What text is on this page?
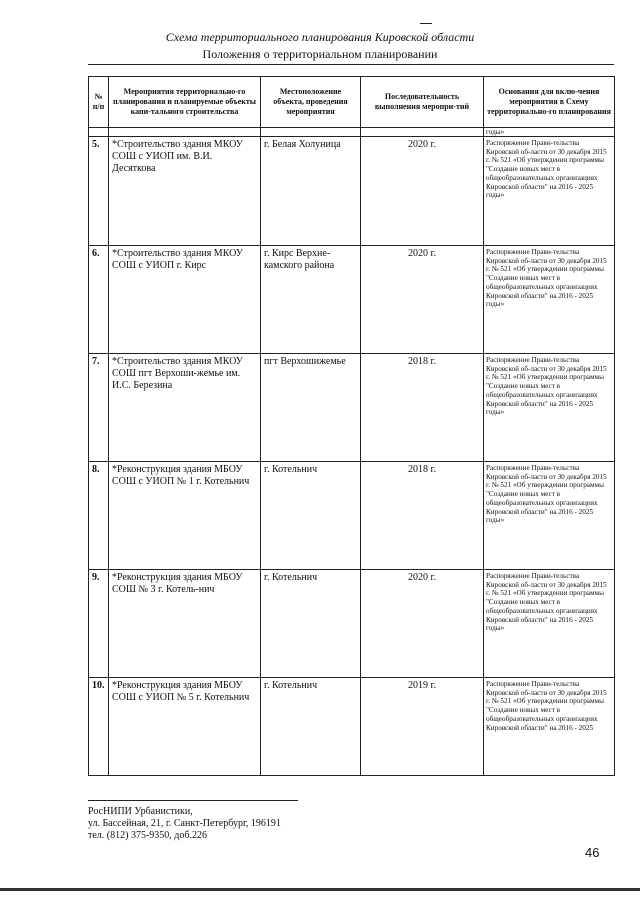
Схема территориального планирования Кировской области
Положения о территориальном планировании
№ п/п	Мероприятия территориально-го планирования и планируемые объекты капи-тального строительства	Местоположение объекта, проведения мероприятия	Последовательность выполнения меропри-тий	Основания для вклю-чения мероприятия в Схему территориально-го планирования
				годы»
5.	*Строительство здания МКОУ СОШ с УИОП им. В.И. Десяткова	г. Белая Холуница	2020 г.	Распоряжение Прави-тельства Кировской об-ласти от 30 декабря 2015 г. № 521 «Об утверждении программы "Создание новых мест в общеобразовательных организациях Кировской области" на 2016 - 2025 годы»
6.	*Строительство здания МКОУ СОШ с УИОП г. Кирс	г. Кирс Верхне-камского района	2020 г.	Распоряжение Прави-тельства Кировской об-ласти от 30 декабря 2015 г. № 521 «Об утверждении программы "Создание новых мест в общеобразовательных организациях Кировской области" на 2016 - 2025 годы»
7.	*Строительство здания МКОУ СОШ пгт Верхоши-жемье им. И.С. Березина	пгт Верхошижемье	2018 г.	Распоряжение Прави-тельства Кировской об-ласти от 30 декабря 2015 г. № 521 «Об утверждении программы "Создание новых мест в общеобразовательных организациях Кировской области" на 2016 - 2025 годы»
8.	*Реконструкция здания МБОУ СОШ с УИОП № 1 г. Котельнич	г. Котельнич	2018 г.	Распоряжение Прави-тельства Кировской об-ласти от 30 декабря 2015 г. № 521 «Об утверждении программы "Создание новых мест в общеобразовательных организациях Кировской области" на 2016 - 2025 годы»
9.	*Реконструкция здания МБОУ СОШ № 3 г. Котель-нич	г. Котельнич	2020 г.	Распоряжение Прави-тельства Кировской об-ласти от 30 декабря 2015 г. № 521 «Об утверждении программы "Создание новых мест в общеобразовательных организациях Кировской области" на 2016 - 2025 годы»
10.	*Реконструкция здания МБОУ СОШ с УИОП № 5 г. Котельнич	г. Котельнич	2019 г.	Распоряжение Прави-тельства Кировской об-ласти от 30 декабря 2015 г. № 521 «Об утверждении программы "Создание новых мест в общеобразовательных организациях Кировской области" на 2016 - 2025
РосНИПИ Урбанистики,
ул. Бассейная, 21, г. Санкт-Петербург, 196191
тел. (812) 375-9350, доб.226
46
